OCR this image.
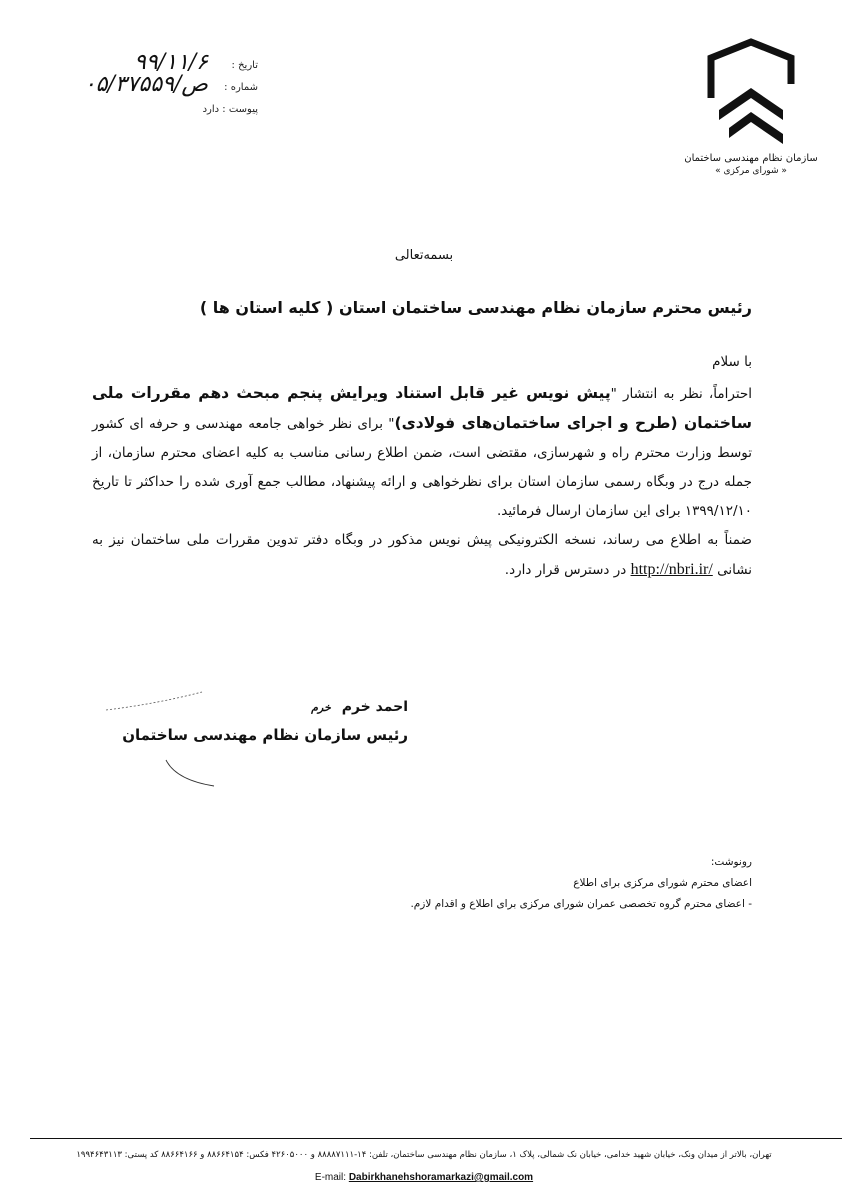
سازمان نظام مهندسی ساختمان
« شورای مرکزی »
تاریخ :
۹۹/۱۱/۶
شماره :
۰۵/ص/۳۷۵۵۹
پیوست : دارد
بسمه‌تعالی
رئیس محترم سازمان نظام مهندسی ساختمان استان ( کلیه استان ها )

با سلام

احتراماً، نظر به انتشار "پیش نویس غیر قابل استناد ویرایش پنجم مبحث دهم مقررات ملی ساختمان (طرح و اجرای ساختمان‌های فولادی)" برای نظر خواهی جامعه مهندسی و حرفه ای کشور توسط وزارت محترم راه و شهرسازی، مقتضی است، ضمن اطلاع رسانی مناسب به کلیه اعضای محترم سازمان، از جمله درج در وبگاه رسمی سازمان استان برای نظرخواهی و ارائه پیشنهاد، مطالب جمع آوری شده را حداکثر تا تاریخ ۱۳۹۹/۱۲/۱۰ برای این سازمان ارسال فرمائید.

ضمناً به اطلاع می رساند، نسخه الکترونیکی پیش نویس مذکور در وبگاه دفتر تدوین مقررات ملی ساختمان نیز به نشانی http://nbri.ir/ در دسترس قرار دارد.

احمد خرم خرم
رئیس سازمان نظام مهندسی ساختمان

رونوشت:

اعضای محترم شورای مرکزی برای اطلاع

- اعضای محترم گروه تخصصی عمران شورای مرکزی برای اطلاع و اقدام لازم.

تهران، بالاتر از میدان ونک، خیابان شهید خدامی، خیابان نک شمالی، پلاک ۱، سازمان نظام مهندسی ساختمان، تلفن: ۱۴-۸۸۸۸۷۱۱۱ و ۴۲۶۰۵۰۰۰ فکس: ۸۸۶۶۴۱۵۴ و ۸۸۶۶۴۱۶۶ کد پستی: ۱۹۹۴۶۴۳۱۱۳
E-mail: Dabirkhanehshoramarkazi@gmail.com
